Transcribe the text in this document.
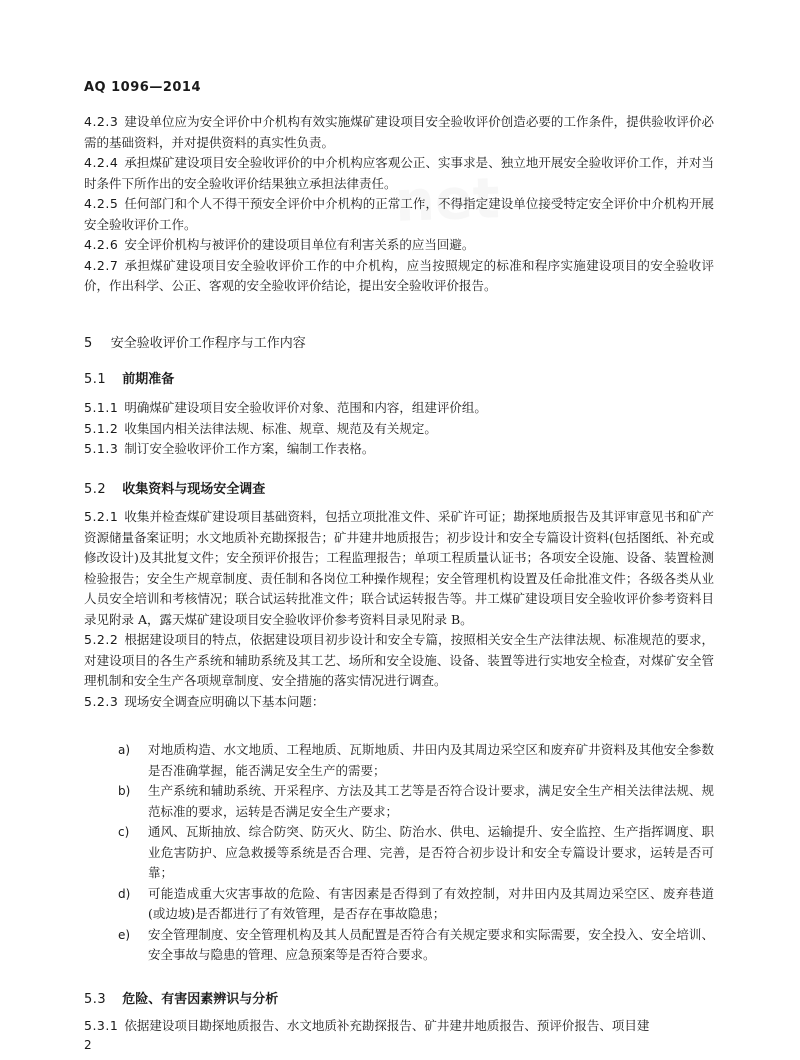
net
AQ 1096—2014

4.2.3 建设单位应为安全评价中介机构有效实施煤矿建设项目安全验收评价创造必要的工作条件，提供验收评价必需的基础资料，并对提供资料的真实性负责。

4.2.4 承担煤矿建设项目安全验收评价的中介机构应客观公正、实事求是、独立地开展安全验收评价工作，并对当时条件下所作出的安全验收评价结果独立承担法律责任。

4.2.5 任何部门和个人不得干预安全评价中介机构的正常工作，不得指定建设单位接受特定安全评价中介机构开展安全验收评价工作。

4.2.6 安全评价机构与被评价的建设项目单位有利害关系的应当回避。

4.2.7 承担煤矿建设项目安全验收评价工作的中介机构，应当按照规定的标准和程序实施建设项目的安全验收评价，作出科学、公正、客观的安全验收评价结论，提出安全验收评价报告。

5 安全验收评价工作程序与工作内容
5.1 前期准备

5.1.1 明确煤矿建设项目安全验收评价对象、范围和内容，组建评价组。

5.1.2 收集国内相关法律法规、标准、规章、规范及有关规定。

5.1.3 制订安全验收评价工作方案，编制工作表格。

5.2 收集资料与现场安全调查

5.2.1 收集并检查煤矿建设项目基础资料，包括立项批准文件、采矿许可证；勘探地质报告及其评审意见书和矿产资源储量备案证明；水文地质补充勘探报告；矿井建井地质报告；初步设计和安全专篇设计资料(包括图纸、补充或修改设计)及其批复文件；安全预评价报告；工程监理报告；单项工程质量认证书；各项安全设施、设备、装置检测检验报告；安全生产规章制度、责任制和各岗位工种操作规程；安全管理机构设置及任命批准文件；各级各类从业人员安全培训和考核情况；联合试运转批准文件；联合试运转报告等。井工煤矿建设项目安全验收评价参考资料目录见附录 A，露天煤矿建设项目安全验收评价参考资料目录见附录 B。

5.2.2 根据建设项目的特点，依据建设项目初步设计和安全专篇，按照相关安全生产法律法规、标准规范的要求，对建设项目的各生产系统和辅助系统及其工艺、场所和安全设施、设备、装置等进行实地安全检查，对煤矿安全管理机制和安全生产各项规章制度、安全措施的落实情况进行调查。

5.2.3 现场安全调查应明确以下基本问题：

a) 对地质构造、水文地质、工程地质、瓦斯地质、井田内及其周边采空区和废弃矿井资料及其他安全参数是否准确掌握，能否满足安全生产的需要；

b) 生产系统和辅助系统、开采程序、方法及其工艺等是否符合设计要求，满足安全生产相关法律法规、规范标准的要求，运转是否满足安全生产要求；

c) 通风、瓦斯抽放、综合防突、防灭火、防尘、防治水、供电、运输提升、安全监控、生产指挥调度、职业危害防护、应急救援等系统是否合理、完善，是否符合初步设计和安全专篇设计要求，运转是否可靠；

d) 可能造成重大灾害事故的危险、有害因素是否得到了有效控制，对井田内及其周边采空区、废弃巷道(或边坡)是否都进行了有效管理，是否存在事故隐患；

e) 安全管理制度、安全管理机构及其人员配置是否符合有关规定要求和实际需要，安全投入、安全培训、安全事故与隐患的管理、应急预案等是否符合要求。

5.3 危险、有害因素辨识与分析

5.3.1 依据建设项目勘探地质报告、水文地质补充勘探报告、矿井建井地质报告、预评价报告、项目建

2
